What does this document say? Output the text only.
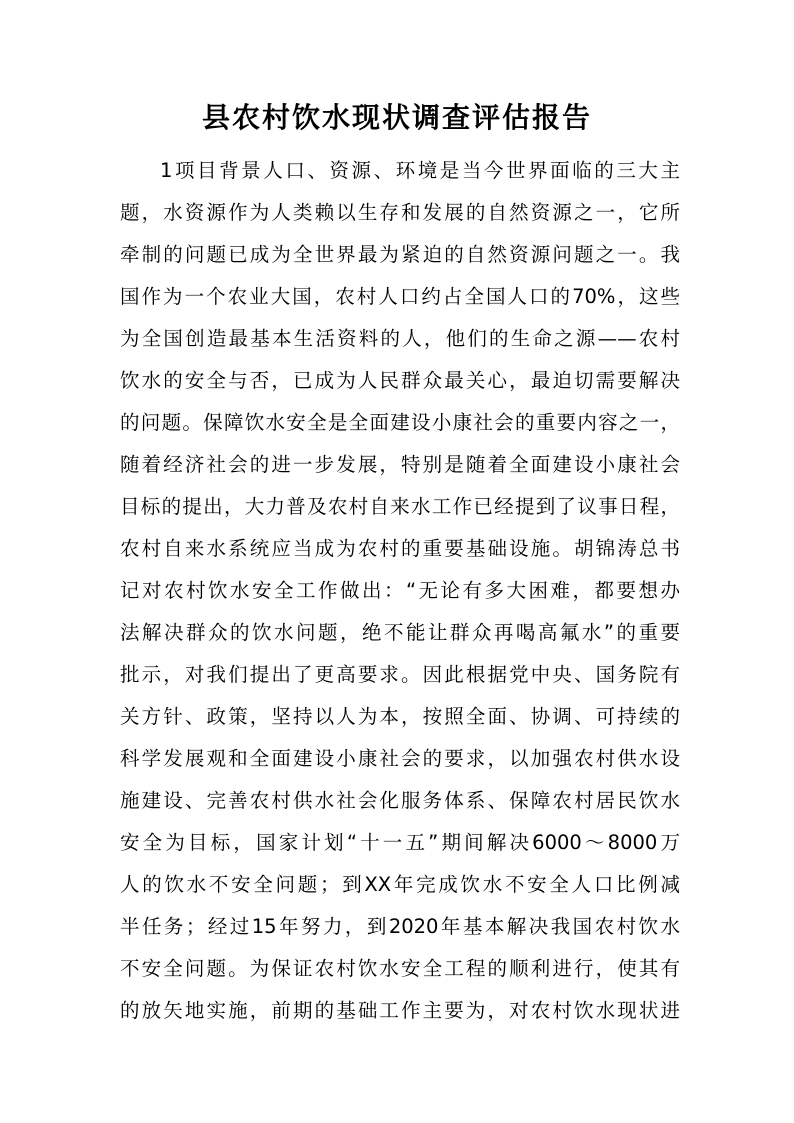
县农村饮水现状调查评估报告
1项目背景人口、资源、环境是当今世界面临的三大主
题，水资源作为人类赖以生存和发展的自然资源之一，它所
牵制的问题已成为全世界最为紧迫的自然资源问题之一。我
国作为一个农业大国，农村人口约占全国人口的70%，这些
为全国创造最基本生活资料的人，他们的生命之源——农村
饮水的安全与否，已成为人民群众最关心，最迫切需要解决
的问题。保障饮水安全是全面建设小康社会的重要内容之一，
随着经济社会的进一步发展，特别是随着全面建设小康社会
目标的提出，大力普及农村自来水工作已经提到了议事日程，
农村自来水系统应当成为农村的重要基础设施。胡锦涛总书
记对农村饮水安全工作做出：“无论有多大困难，都要想办
法解决群众的饮水问题，绝不能让群众再喝高氟水”的重要
批示，对我们提出了更高要求。因此根据党中央、国务院有
关方针、政策，坚持以人为本，按照全面、协调、可持续的
科学发展观和全面建设小康社会的要求，以加强农村供水设
施建设、完善农村供水社会化服务体系、保障农村居民饮水
安全为目标，国家计划“十一五”期间解决6000～8000万
人的饮水不安全问题；到XX年完成饮水不安全人口比例减
半任务；经过15年努力，到2020年基本解决我国农村饮水
不安全问题。为保证农村饮水安全工程的顺利进行，使其有
的放矢地实施，前期的基础工作主要为，对农村饮水现状进
